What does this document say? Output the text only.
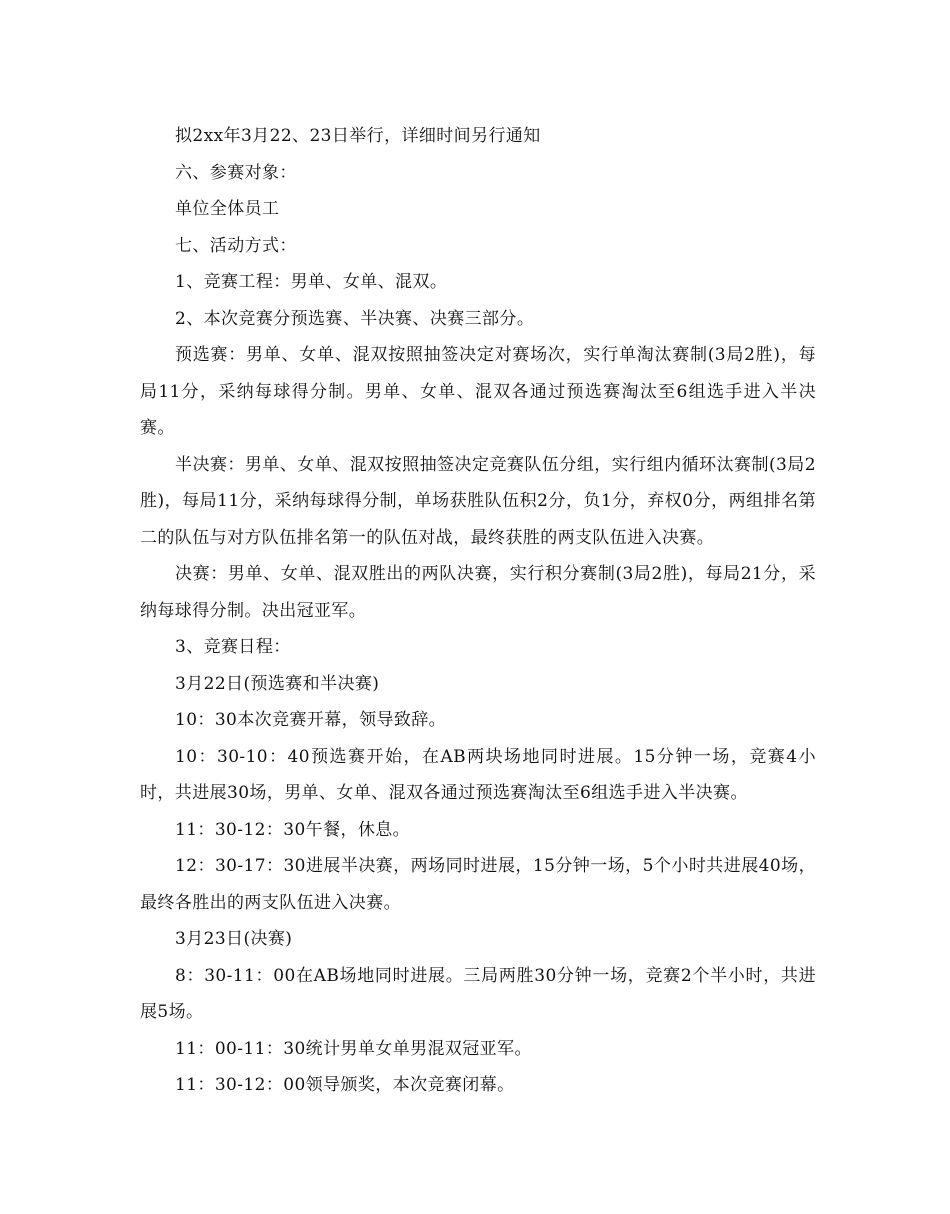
拟2xx年3月22、23日举行，详细时间另行通知

六、参赛对象：

单位全体员工

七、活动方式：

1、竞赛工程：男单、女单、混双。

2、本次竞赛分预选赛、半决赛、决赛三部分。

预选赛：男单、女单、混双按照抽签决定对赛场次，实行单淘汰赛制(3局2胜)，每局11分，采纳每球得分制。男单、女单、混双各通过预选赛淘汰至6组选手进入半决赛。

半决赛：男单、女单、混双按照抽签决定竞赛队伍分组，实行组内循环汰赛制(3局2胜)，每局11分，采纳每球得分制，单场获胜队伍积2分，负1分，弃权0分，两组排名第二的队伍与对方队伍排名第一的队伍对战，最终获胜的两支队伍进入决赛。

决赛：男单、女单、混双胜出的两队决赛，实行积分赛制(3局2胜)，每局21分，采纳每球得分制。决出冠亚军。

3、竞赛日程：

3月22日(预选赛和半决赛)

10：30本次竞赛开幕，领导致辞。

10：30-10：40预选赛开始，在AB两块场地同时进展。15分钟一场，竞赛4小时，共进展30场，男单、女单、混双各通过预选赛淘汰至6组选手进入半决赛。

11：30-12：30午餐，休息。

12：30-17：30进展半决赛，两场同时进展，15分钟一场，5个小时共进展40场，最终各胜出的两支队伍进入决赛。

3月23日(决赛)

8：30-11：00在AB场地同时进展。三局两胜30分钟一场，竞赛2个半小时，共进展5场。

11：00-11：30统计男单女单男混双冠亚军。

11：30-12：00领导颁奖，本次竞赛闭幕。
